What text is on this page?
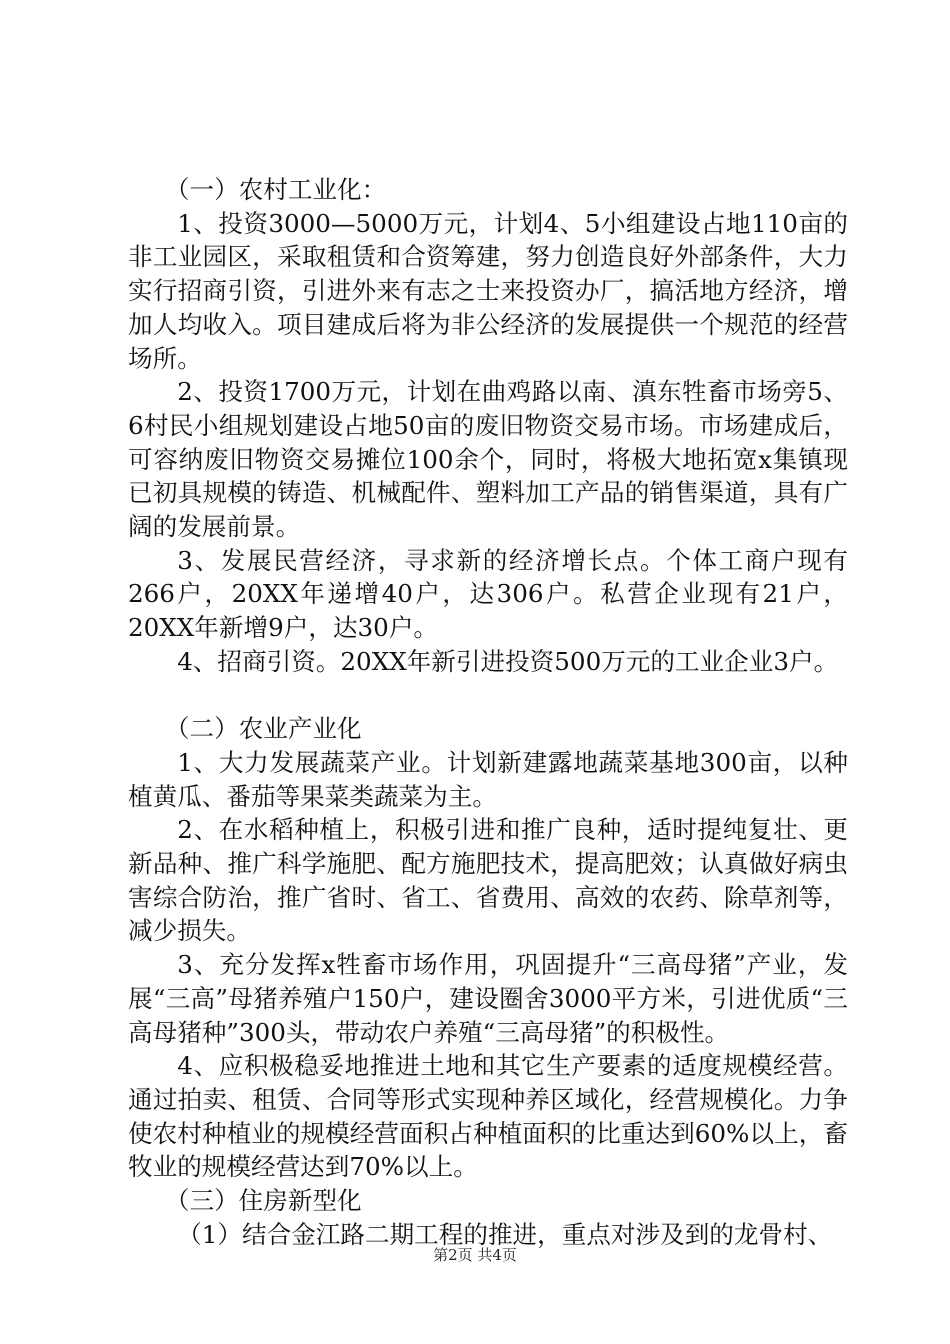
（一）农村工业化：

1、投资3000—5000万元，计划4、5小组建设占地110亩的非工业园区，采取租赁和合资筹建，努力创造良好外部条件，大力实行招商引资，引进外来有志之士来投资办厂，搞活地方经济，增加人均收入。项目建成后将为非公经济的发展提供一个规范的经营场所。

2、投资1700万元，计划在曲鸡路以南、滇东牲畜市场旁5、6村民小组规划建设占地50亩的废旧物资交易市场。市场建成后，可容纳废旧物资交易摊位100余个，同时，将极大地拓宽x集镇现已初具规模的铸造、机械配件、塑料加工产品的销售渠道，具有广阔的发展前景。

3、发展民营经济，寻求新的经济增长点。个体工商户现有266户，20XX年递增40户，达306户。私营企业现有21户，20XX年新增9户，达30户。

4、招商引资。20XX年新引进投资500万元的工业企业3户。

（二）农业产业化

1、大力发展蔬菜产业。计划新建露地蔬菜基地300亩，以种植黄瓜、番茄等果菜类蔬菜为主。

2、在水稻种植上，积极引进和推广良种，适时提纯复壮、更新品种、推广科学施肥、配方施肥技术，提高肥效；认真做好病虫害综合防治，推广省时、省工、省费用、高效的农药、除草剂等，减少损失。

3、充分发挥x牲畜市场作用，巩固提升“三高母猪”产业，发展“三高”母猪养殖户150户，建设圈舍3000平方米，引进优质“三高母猪种”300头，带动农户养殖“三高母猪”的积极性。

4、应积极稳妥地推进土地和其它生产要素的适度规模经营。通过拍卖、租赁、合同等形式实现种养区域化，经营规模化。力争使农村种植业的规模经营面积占种植面积的比重达到60%以上，畜牧业的规模经营达到70%以上。

（三）住房新型化

（1）结合金江路二期工程的推进，重点对涉及到的龙骨村、

第2页 共4页
